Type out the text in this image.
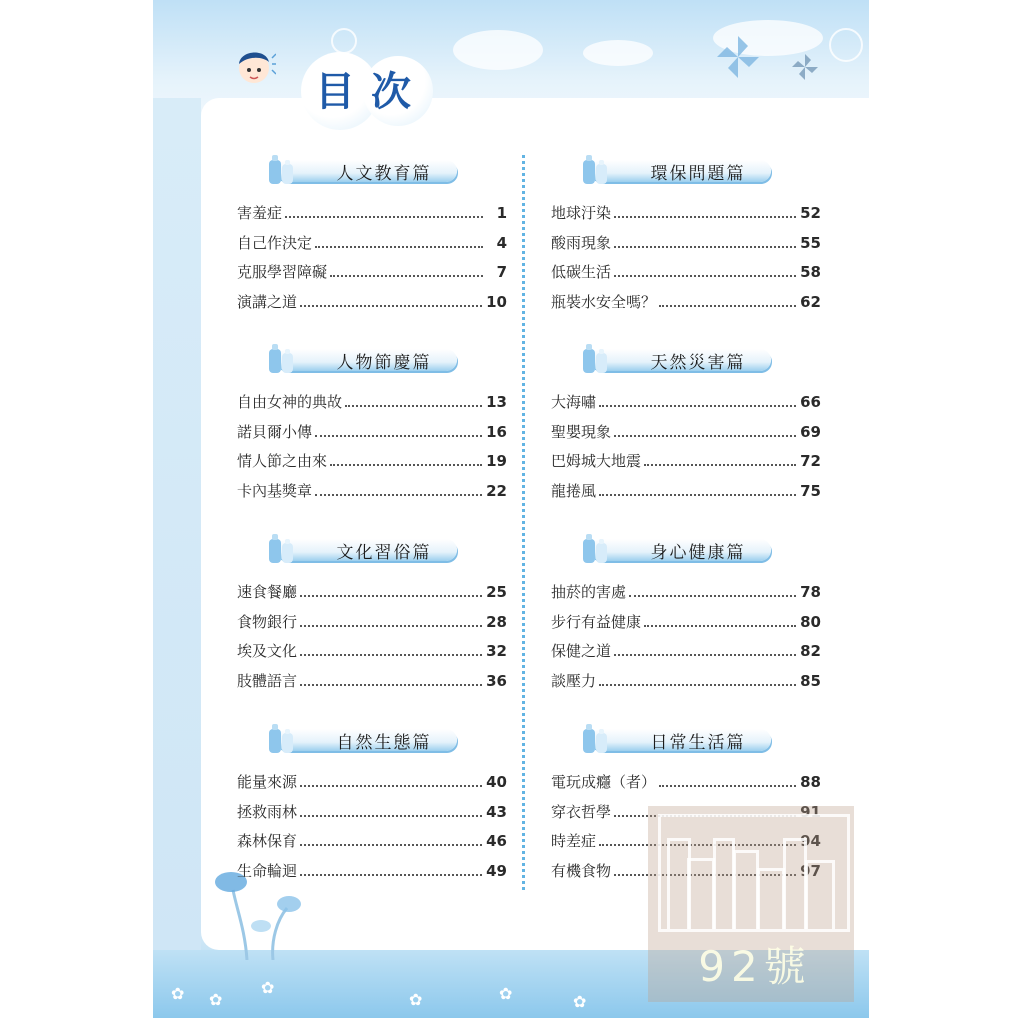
✿ ✿
✿
✿	✿	✿
目次
人文教育篇
害羞症	1
自己作決定	4
克服學習障礙	7
演講之道	10
人物節慶篇
自由女神的典故	13
諾貝爾小傳	16
情人節之由來	19
卡內基獎章	22
文化習俗篇
速食餐廳	25
食物銀行	28
埃及文化	32
肢體語言	36
自然生態篇
能量來源	40
拯救雨林	43
森林保育	46
生命輪迴	49
環保問題篇
地球汙染	52
酸雨現象	55
低碳生活	58
瓶裝水安全嗎？	62
天然災害篇
大海嘯	66
聖嬰現象	69
巴姆城大地震	72
龍捲風	75
身心健康篇
抽菸的害處	78
步行有益健康	80
保健之道	82
談壓力	85
日常生活篇
電玩成癮（者）	88
穿衣哲學	91
時差症	94
有機食物	97
92號
